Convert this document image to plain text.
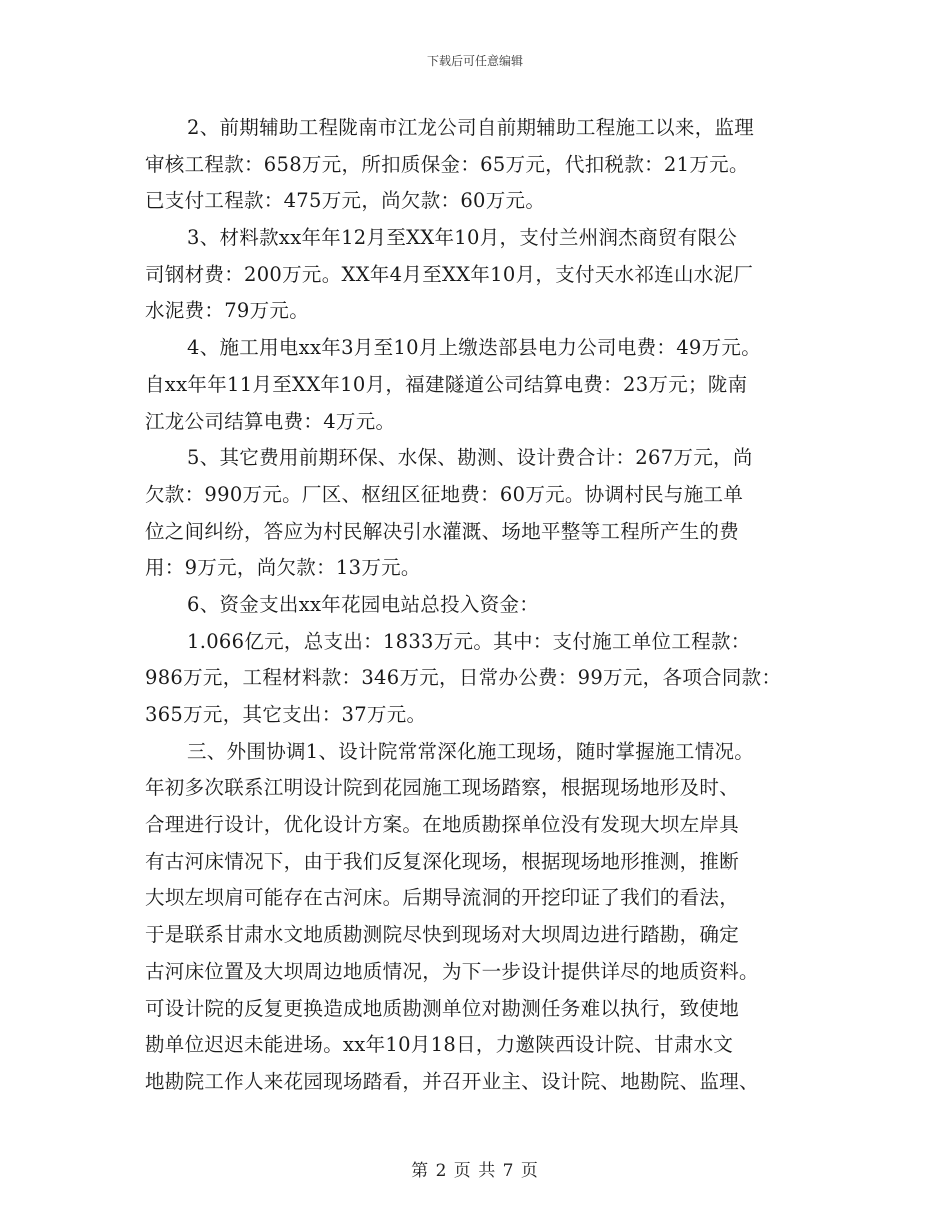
下载后可任意编辑
2、前期辅助工程陇南市江龙公司自前期辅助工程施工以来，监理
审核工程款：658万元，所扣质保金：65万元，代扣税款：21万元。
已支付工程款：475万元，尚欠款：60万元。
3、材料款xx年年12月至XX年10月，支付兰州润杰商贸有限公
司钢材费：200万元。XX年4月至XX年10月，支付天水祁连山水泥厂
水泥费：79万元。
4、施工用电xx年3月至10月上缴迭部县电力公司电费：49万元。
自xx年年11月至XX年10月，福建隧道公司结算电费：23万元；陇南
江龙公司结算电费：4万元。
5、其它费用前期环保、水保、勘测、设计费合计：267万元，尚
欠款：990万元。厂区、枢纽区征地费：60万元。协调村民与施工单
位之间纠纷，答应为村民解决引水灌溉、场地平整等工程所产生的费
用：9万元，尚欠款：13万元。
6、资金支出xx年花园电站总投入资金：
1.066亿元，总支出：1833万元。其中：支付施工单位工程款：
986万元，工程材料款：346万元，日常办公费：99万元，各项合同款：
365万元，其它支出：37万元。
三、外围协调1、设计院常常深化施工现场，随时掌握施工情况。
年初多次联系江明设计院到花园施工现场踏察，根据现场地形及时、
合理进行设计，优化设计方案。在地质勘探单位没有发现大坝左岸具
有古河床情况下，由于我们反复深化现场，根据现场地形推测，推断
大坝左坝肩可能存在古河床。后期导流洞的开挖印证了我们的看法，
于是联系甘肃水文地质勘测院尽快到现场对大坝周边进行踏勘，确定
古河床位置及大坝周边地质情况，为下一步设计提供详尽的地质资料。
可设计院的反复更换造成地质勘测单位对勘测任务难以执行，致使地
勘单位迟迟未能进场。xx年10月18日，力邀陕西设计院、甘肃水文
地勘院工作人来花园现场踏看，并召开业主、设计院、地勘院、监理、
第 2 页 共 7 页
